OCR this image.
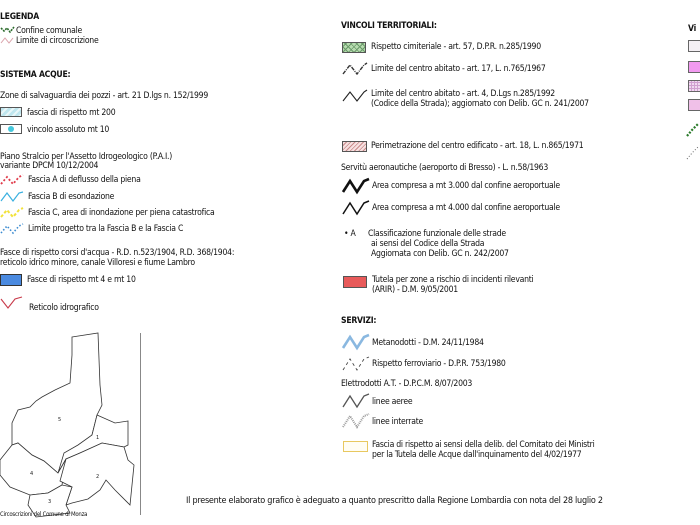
LEGENDA
Confine comunale
Limite di circoscrizione
SISTEMA ACQUE:
Zone di salvaguardia dei pozzi - art. 21 D.lgs n. 152/1999
fascia di rispetto mt 200
vincolo assoluto mt 10
Piano Stralcio per l'Assetto Idrogeologico (P.A.I.)
variante DPCM 10/12/2004
Fascia A di deflusso della piena
Fascia B di esondazione
Fascia C, area di inondazione per piena catastrofica
Limite progetto tra la Fascia B e la Fascia C
Fasce di rispetto corsi d'acqua - R.D. n.523/1904, R.D. 368/1904:
reticolo idrico minore, canale Villoresi e fiume Lambro
Fasce di rispetto mt 4 e mt 10
Reticolo idrografico
5
1
4	2
3
Circoscrizioni del Comune di Monza
VINCOLI TERRITORIALI:
Rispetto cimiteriale - art. 57, D.P.R. n.285/1990
Limite del centro abitato - art. 17, L. n.765/1967
Limite del centro abitato - art. 4, D.Lgs n.285/1992
(Codice della Strada); aggiornato con Delib. GC n. 241/2007
Perimetrazione del centro edificato - art. 18, L. n.865/1971
Servitù aeronautiche (aeroporto di Bresso) - L. n.58/1963
Area compresa a mt 3.000 dal confine aeroportuale
Area compresa a mt 4.000 dal confine aeroportuale
• A Classificazione funzionale delle strade
ai sensi del Codice della Strada
Aggiornata con Delib. GC n. 242/2007
Tutela per zone a rischio di incidenti rilevanti
(ARIR) - D.M. 9/05/2001
SERVIZI:
Metanodotti - D.M. 24/11/1984
Rispetto ferroviario - D.P.R. 753/1980
Elettrodotti A.T. - D.P.C.M. 8/07/2003
linee aeree
linee interrate
Fascia di rispetto ai sensi della delib. del Comitato dei Ministri
per la Tutela delle Acque dall'inquinamento del 4/02/1977
Vi
Il presente elaborato grafico è adeguato a quanto prescritto dalla Regione Lombardia con nota del 28 luglio 2
